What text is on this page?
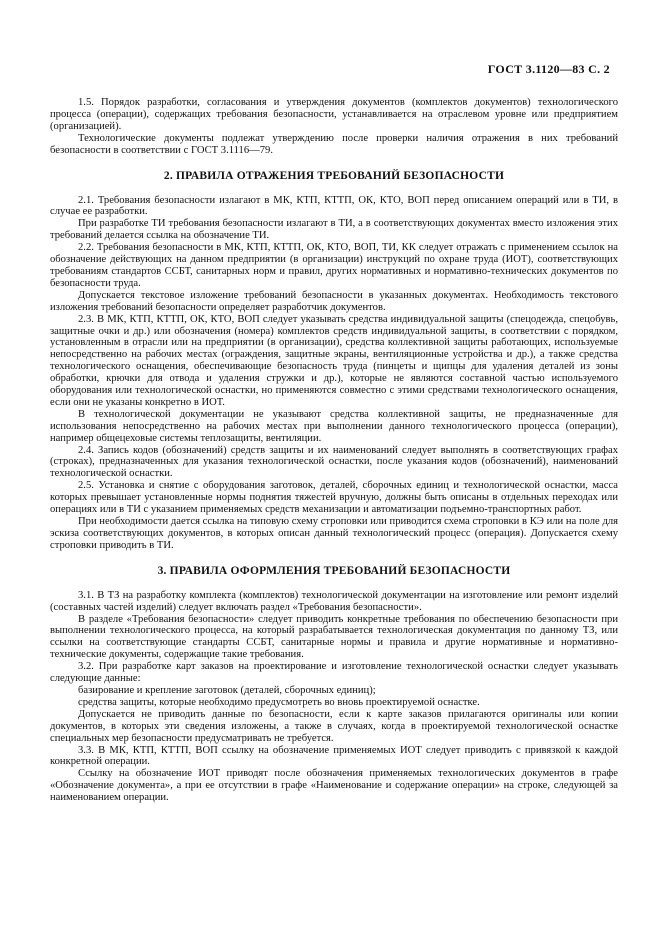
ГОСТ 3.1120—83 С. 2

1.5. Порядок разработки, согласования и утверждения документов (комплектов документов) технологического процесса (операции), содержащих требования безопасности, устанавливается на отраслевом уровне или предприятием (организацией).

Технологические документы подлежат утверждению после проверки наличия отражения в них требований безопасности в соответствии с ГОСТ 3.1116—79.

2. ПРАВИЛА ОТРАЖЕНИЯ ТРЕБОВАНИЙ БЕЗОПАСНОСТИ

2.1. Требования безопасности излагают в МК, КТП, КТТП, ОК, КТО, ВОП перед описанием операций или в ТИ, в случае ее разработки.

При разработке ТИ требования безопасности излагают в ТИ, а в соответствующих документах вместо изложения этих требований делается ссылка на обозначение ТИ.

2.2. Требования безопасности в МК, КТП, КТТП, ОК, КТО, ВОП, ТИ, КК следует отражать с применением ссылок на обозначение действующих на данном предприятии (в организации) инструкций по охране труда (ИОТ), соответствующих требованиям стандартов ССБТ, санитарных норм и правил, других нормативных и нормативно-технических документов по безопасности труда.

Допускается текстовое изложение требований безопасности в указанных документах. Необходимость текстового изложения требований безопасности определяет разработчик документов.

2.3. В МК, КТП, КТТП, ОК, КТО, ВОП следует указывать средства индивидуальной защиты (спецодежда, спецобувь, защитные очки и др.) или обозначения (номера) комплектов средств индивидуальной защиты, в соответствии с порядком, установленным в отрасли или на предприятии (в организации), средства коллективной защиты работающих, используемые непосредственно на рабочих местах (ограждения, защитные экраны, вентиляционные устройства и др.), а также средства технологического оснащения, обеспечивающие безопасность труда (пинцеты и щипцы для удаления деталей из зоны обработки, крючки для отвода и удаления стружки и др.), которые не являются составной частью используемого оборудования или технологической оснастки, но применяются совместно с этими средствами технологического оснащения, если они не указаны конкретно в ИОТ.

В технологической документации не указывают средства коллективной защиты, не предназначенные для использования непосредственно на рабочих местах при выполнении данного технологического процесса (операции), например общецеховые системы теплозащиты, вентиляции.

2.4. Запись кодов (обозначений) средств защиты и их наименований следует выполнять в соответствующих графах (строках), предназначенных для указания технологической оснастки, после указания кодов (обозначений), наименований технологической оснастки.

2.5. Установка и снятие с оборудования заготовок, деталей, сборочных единиц и технологической оснастки, масса которых превышает установленные нормы поднятия тяжестей вручную, должны быть описаны в отдельных переходах или операциях или в ТИ с указанием применяемых средств механизации и автоматизации подъемно-транспортных работ.

При необходимости дается ссылка на типовую схему строповки или приводится схема строповки в КЭ или на поле для эскиза соответствующих документов, в которых описан данный технологический процесс (операция). Допускается схему строповки приводить в ТИ.

3. ПРАВИЛА ОФОРМЛЕНИЯ ТРЕБОВАНИЙ БЕЗОПАСНОСТИ

3.1. В ТЗ на разработку комплекта (комплектов) технологической документации на изготовление или ремонт изделий (составных частей изделий) следует включать раздел «Требования безопасности».

В разделе «Требования безопасности» следует приводить конкретные требования по обеспечению безопасности при выполнении технологического процесса, на который разрабатывается технологическая документация по данному ТЗ, или ссылки на соответствующие стандарты ССБТ, санитарные нормы и правила и другие нормативные и нормативно-технические документы, содержащие такие требования.

3.2. При разработке карт заказов на проектирование и изготовление технологической оснастки следует указывать следующие данные:

базирование и крепление заготовок (деталей, сборочных единиц);

средства защиты, которые необходимо предусмотреть во вновь проектируемой оснастке.

Допускается не приводить данные по безопасности, если к карте заказов прилагаются оригиналы или копии документов, в которых эти сведения изложены, а также в случаях, когда в проектируемой технологической оснастке специальных мер безопасности предусматривать не требуется.

3.3. В МК, КТП, КТТП, ВОП ссылку на обозначение применяемых ИОТ следует приводить с привязкой к каждой конкретной операции.

Ссылку на обозначение ИОТ приводят после обозначения применяемых технологических документов в графе «Обозначение документа», а при ее отсутствии в графе «Наименование и содержание операции» на строке, следующей за наименованием операции.
